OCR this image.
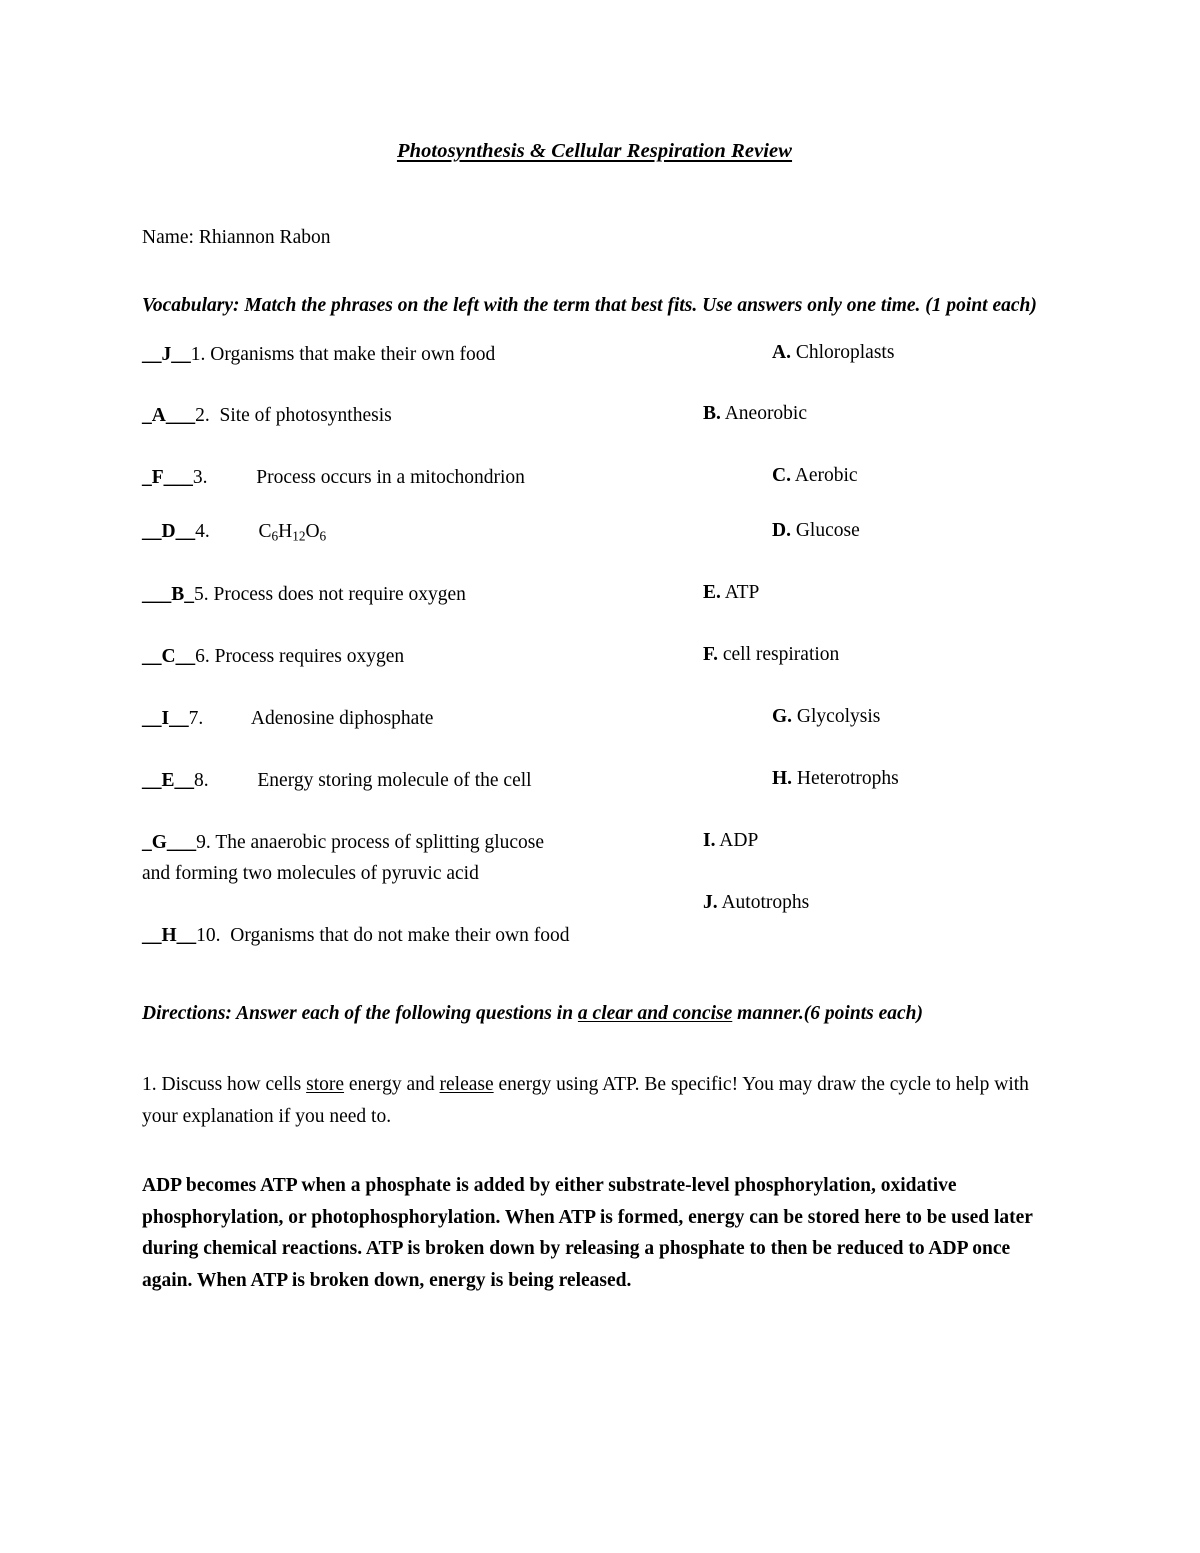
Photosynthesis & Cellular Respiration Review

Name: Rhiannon Rabon

Vocabulary: Match the phrases on the left with the term that best fits. Use answers only one time. (1 point each)

__J__1. Organisms that make their own food

_A___2. Site of photosynthesis

_F___3.	Process occurs in a mitochondrion

__D__4.	$C_6H_{12}O_6$

___B_5. Process does not require oxygen

__C__6. Process requires oxygen

__I__7. Adenosine diphosphate

__E__8.	Energy storing molecule of the cell

_G___9. The anaerobic process of splitting glucose

and forming two molecules of pyruvic acid

__H__10. Organisms that do not make their own food

A. Chloroplasts
B. Aneorobic
C. Aerobic
D. Glucose
E. ATP
F. cell respiration
G. Glycolysis
H. Heterotrophs
I. ADP
J. Autotrophs

Directions: Answer each of the following questions in a clear and concise manner.(6 points each)

1. Discuss how cells store energy and release energy using ATP. Be specific! You may draw the cycle to help with your explanation if you need to.

ADP becomes ATP when a phosphate is added by either substrate-level phosphorylation, oxidative phosphorylation, or photophosphorylation. When ATP is formed, energy can be stored here to be used later during chemical reactions. ATP is broken down by releasing a phosphate to then be reduced to ADP once again. When ATP is broken down, energy is being released.
